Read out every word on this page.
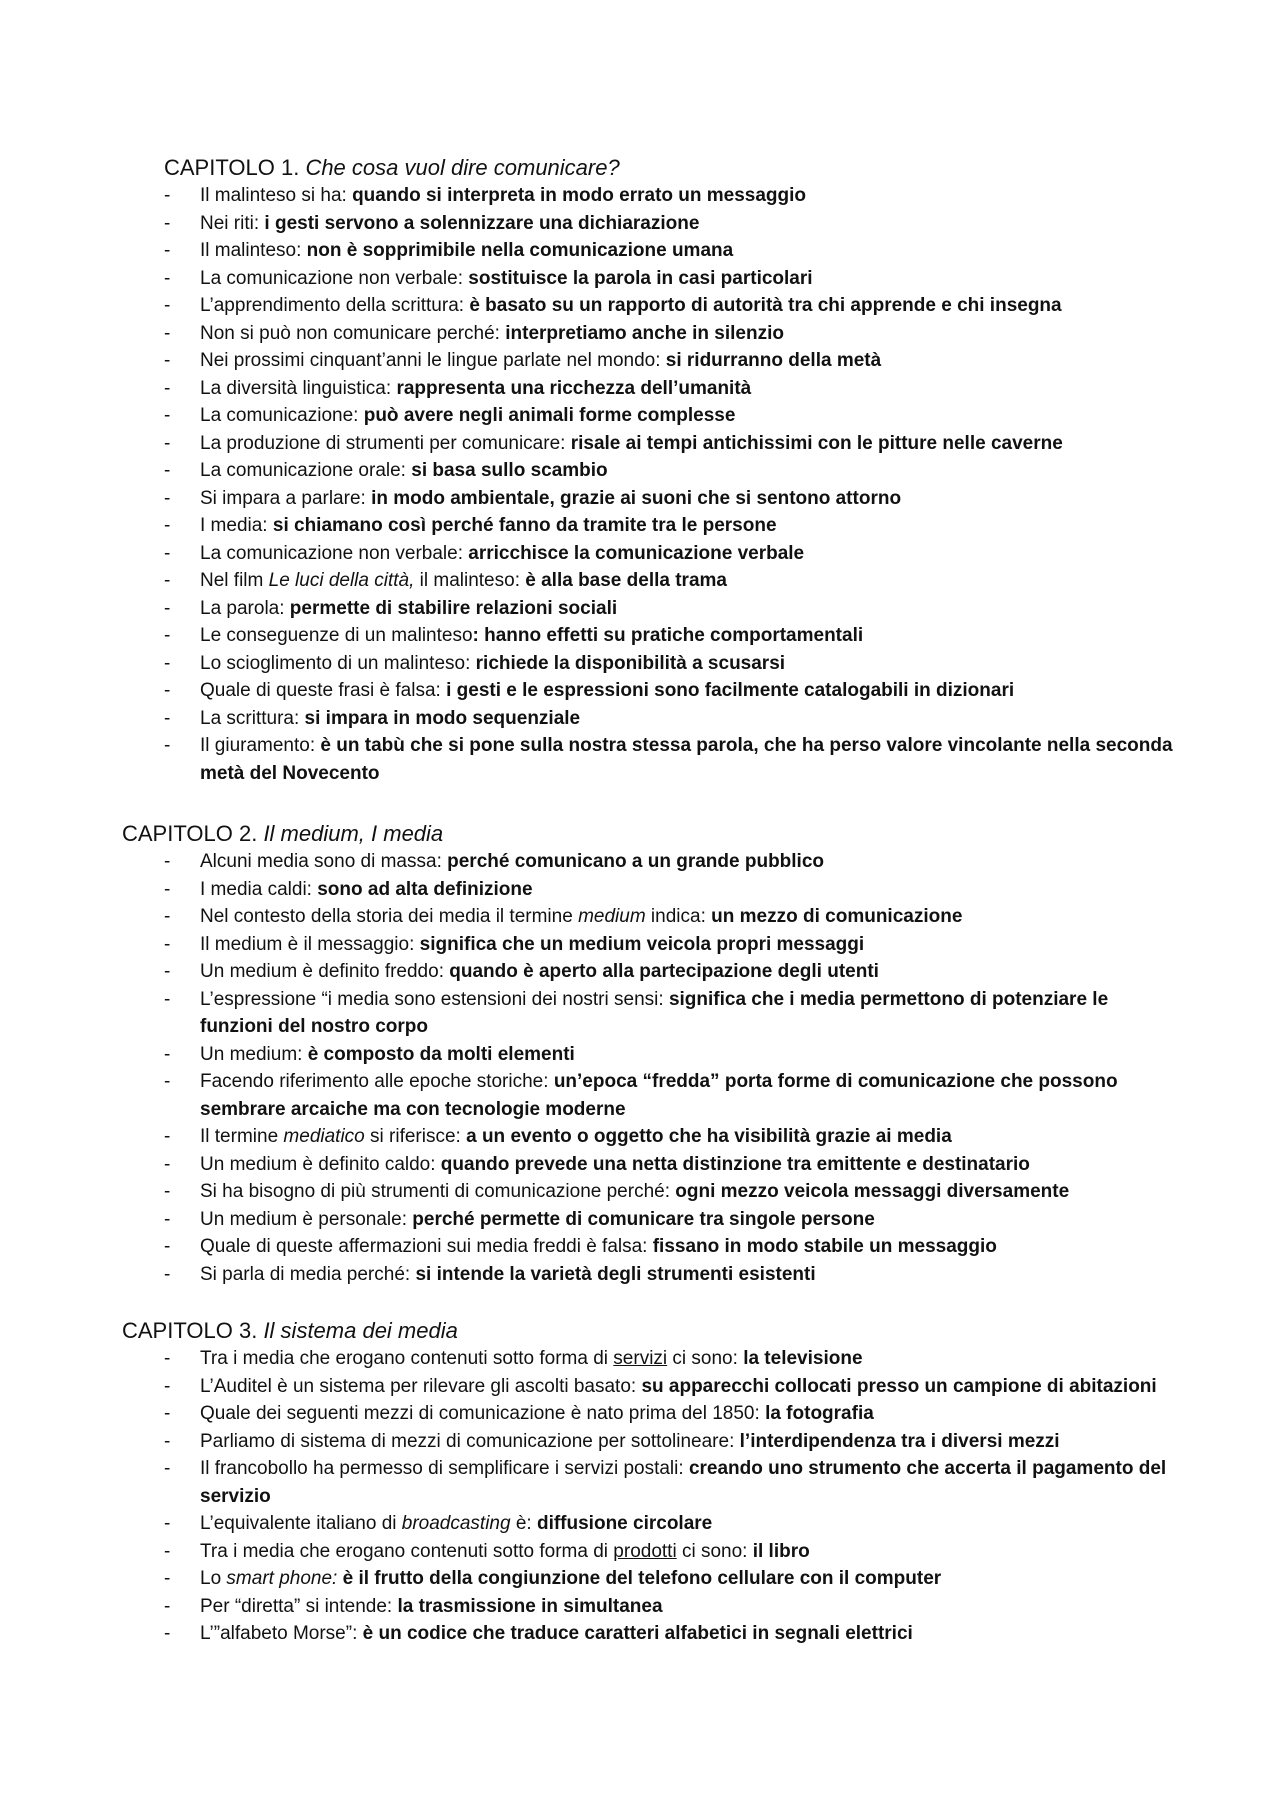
CAPITOLO 1. Che cosa vuol dire comunicare?
- Il malinteso si ha: quando si interpreta in modo errato un messaggio
- Nei riti: i gesti servono a solennizzare una dichiarazione
- Il malinteso: non è sopprimibile nella comunicazione umana
- La comunicazione non verbale: sostituisce la parola in casi particolari
- L’apprendimento della scrittura: è basato su un rapporto di autorità tra chi apprende e chi insegna
- Non si può non comunicare perché: interpretiamo anche in silenzio
- Nei prossimi cinquant’anni le lingue parlate nel mondo: si ridurranno della metà
- La diversità linguistica: rappresenta una ricchezza dell’umanità
- La comunicazione: può avere negli animali forme complesse
- La produzione di strumenti per comunicare: risale ai tempi antichissimi con le pitture nelle caverne
- La comunicazione orale: si basa sullo scambio
- Si impara a parlare: in modo ambientale, grazie ai suoni che si sentono attorno
- I media: si chiamano così perché fanno da tramite tra le persone
- La comunicazione non verbale: arricchisce la comunicazione verbale
- Nel film Le luci della città, il malinteso: è alla base della trama
- La parola: permette di stabilire relazioni sociali
- Le conseguenze di un malinteso: hanno effetti su pratiche comportamentali
- Lo scioglimento di un malinteso: richiede la disponibilità a scusarsi
- Quale di queste frasi è falsa: i gesti e le espressioni sono facilmente catalogabili in dizionari
- La scrittura: si impara in modo sequenziale
- Il giuramento: è un tabù che si pone sulla nostra stessa parola, che ha perso valore vincolante nella seconda metà del Novecento
CAPITOLO 2. Il medium, I media
- Alcuni media sono di massa: perché comunicano a un grande pubblico
- I media caldi: sono ad alta definizione
- Nel contesto della storia dei media il termine medium indica: un mezzo di comunicazione
- Il medium è il messaggio: significa che un medium veicola propri messaggi
- Un medium è definito freddo: quando è aperto alla partecipazione degli utenti
- L’espressione “i media sono estensioni dei nostri sensi: significa che i media permettono di potenziare le funzioni del nostro corpo
- Un medium: è composto da molti elementi
- Facendo riferimento alle epoche storiche: un’epoca “fredda” porta forme di comunicazione che possono sembrare arcaiche ma con tecnologie moderne
- Il termine mediatico si riferisce: a un evento o oggetto che ha visibilità grazie ai media
- Un medium è definito caldo: quando prevede una netta distinzione tra emittente e destinatario
- Si ha bisogno di più strumenti di comunicazione perché: ogni mezzo veicola messaggi diversamente
- Un medium è personale: perché permette di comunicare tra singole persone
- Quale di queste affermazioni sui media freddi è falsa: fissano in modo stabile un messaggio
- Si parla di media perché: si intende la varietà degli strumenti esistenti
CAPITOLO 3. Il sistema dei media
- Tra i media che erogano contenuti sotto forma di servizi ci sono: la televisione
- L’Auditel è un sistema per rilevare gli ascolti basato: su apparecchi collocati presso un campione di abitazioni
- Quale dei seguenti mezzi di comunicazione è nato prima del 1850: la fotografia
- Parliamo di sistema di mezzi di comunicazione per sottolineare: l’interdipendenza tra i diversi mezzi
- Il francobollo ha permesso di semplificare i servizi postali: creando uno strumento che accerta il pagamento del servizio
- L’equivalente italiano di broadcasting è: diffusione circolare
- Tra i media che erogano contenuti sotto forma di prodotti ci sono: il libro
- Lo smart phone: è il frutto della congiunzione del telefono cellulare con il computer
- Per “diretta” si intende: la trasmissione in simultanea
- L’”alfabeto Morse”: è un codice che traduce caratteri alfabetici in segnali elettrici
